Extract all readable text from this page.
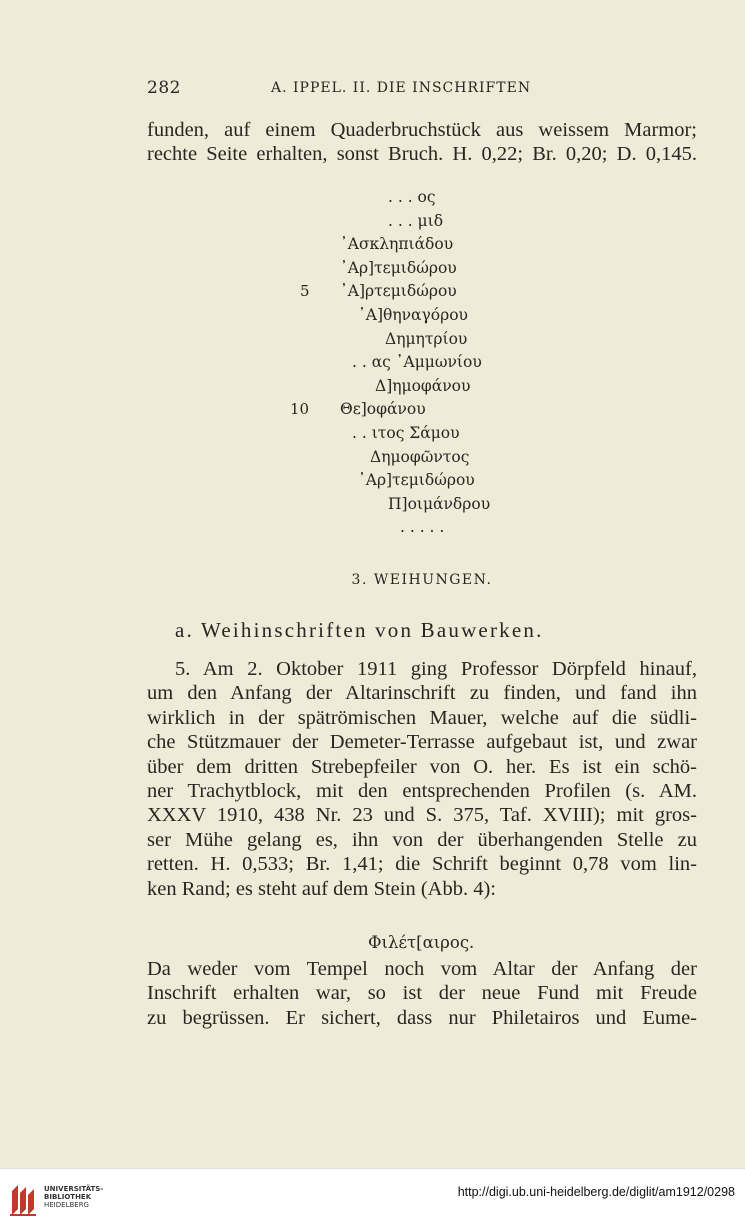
282	A. IPPEL. II. DIE INSCHRIFTEN
funden, auf einem Quaderbruchstück aus weissem Marmor;
rechte Seite erhalten, sonst Bruch. H. 0,22; Br. 0,20; D. 0,145.
. . . ος
. . . μιδ
᾿Ασκληπιάδου
᾿Αρ]τεμιδώρου
5	᾿Α]ρτεμιδώρου
᾿Α]θηναγόρου
Δημητρίου
. . ας ᾿Αμμωνίου
Δ]ημοφάνου
10	Θε]οφάνου
. . ιτος Σάμου
Δημοφῶντος
᾿Αρ]τεμιδώρου
Π]οιμάνδρου
. . . . .
3. WEIHUNGEN.
a. Weihinschriften von Bauwerken.
5. Am 2. Oktober 1911 ging Professor Dörpfeld hinauf,
um den Anfang der Altarinschrift zu finden, und fand ihn
wirklich in der spätrömischen Mauer, welche auf die südli-
che Stützmauer der Demeter-Terrasse aufgebaut ist, und zwar
über dem dritten Strebepfeiler von O. her. Es ist ein schö-
ner Trachytblock, mit den entsprechenden Profilen (s. AM.
XXXV 1910, 438 Nr. 23 und S. 375, Taf. XVIII); mit gros-
ser Mühe gelang es, ihn von der überhangenden Stelle zu
retten. H. 0,533; Br. 1,41; die Schrift beginnt 0,78 vom lin-
ken Rand; es steht auf dem Stein (Abb. 4):
Φιλέτ[αιρος.
Da weder vom Tempel noch vom Altar der Anfang der
Inschrift erhalten war, so ist der neue Fund mit Freude
zu begrüssen. Er sichert, dass nur Philetairos und Eume-
UNIVERSITÄTS-
BIBLIOTHEK
HEIDELBERG
http://digi.ub.uni-heidelberg.de/diglit/am1912/0298
